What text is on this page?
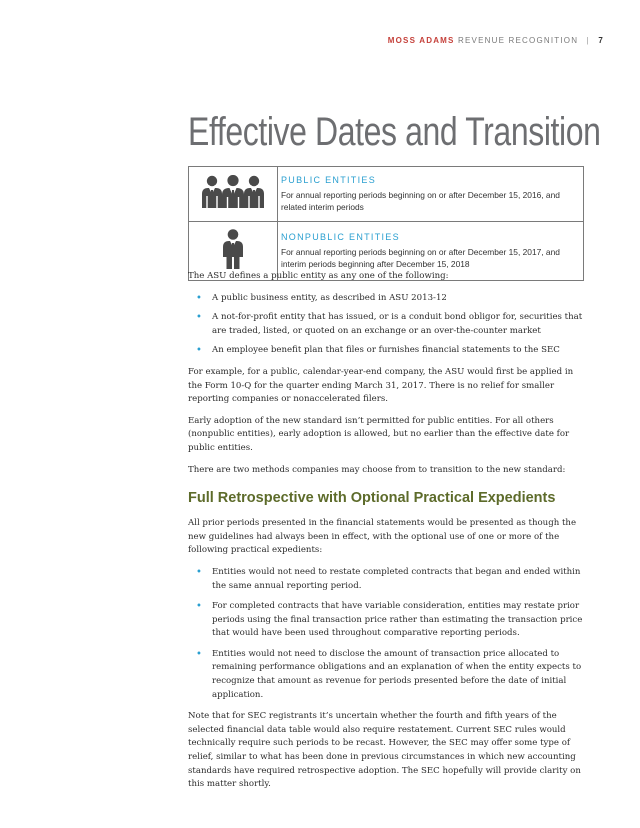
MOSS ADAMS REVENUE RECOGNITION | 7
Effective Dates and Transition

PUBLIC ENTITIES
For annual reporting periods beginning on or after December 15, 2016, and related interim periods

NONPUBLIC ENTITIES
For annual reporting periods beginning on or after December 15, 2017, and interim periods beginning after December 15, 2018

The ASU defines a public entity as any one of the following:

• A public business entity, as described in ASU 2013-12
• A not-for-profit entity that has issued, or is a conduit bond obligor for, securities that are traded, listed, or quoted on an exchange or an over-the-counter market
• An employee benefit plan that files or furnishes financial statements to the SEC

For example, for a public, calendar-year-end company, the ASU would first be applied in the Form 10-Q for the quarter ending March 31, 2017. There is no relief for smaller reporting companies or nonaccelerated filers.

Early adoption of the new standard isn’t permitted for public entities. For all others (nonpublic entities), early adoption is allowed, but no earlier than the effective date for public entities.

There are two methods companies may choose from to transition to the new standard:

Full Retrospective with Optional Practical Expedients

All prior periods presented in the financial statements would be presented as though the new guidelines had always been in effect, with the optional use of one or more of the following practical expedients:

• Entities would not need to restate completed contracts that began and ended within the same annual reporting period.
• For completed contracts that have variable consideration, entities may restate prior periods using the final transaction price rather than estimating the transaction price that would have been used throughout comparative reporting periods.
• Entities would not need to disclose the amount of transaction price allocated to remaining performance obligations and an explanation of when the entity expects to recognize that amount as revenue for periods presented before the date of initial application.

Note that for SEC registrants it’s uncertain whether the fourth and fifth years of the selected financial data table would also require restatement. Current SEC rules would technically require such periods to be recast. However, the SEC may offer some type of relief, similar to what has been done in previous circumstances in which new accounting standards have required retrospective adoption. The SEC hopefully will provide clarity on this matter shortly.
